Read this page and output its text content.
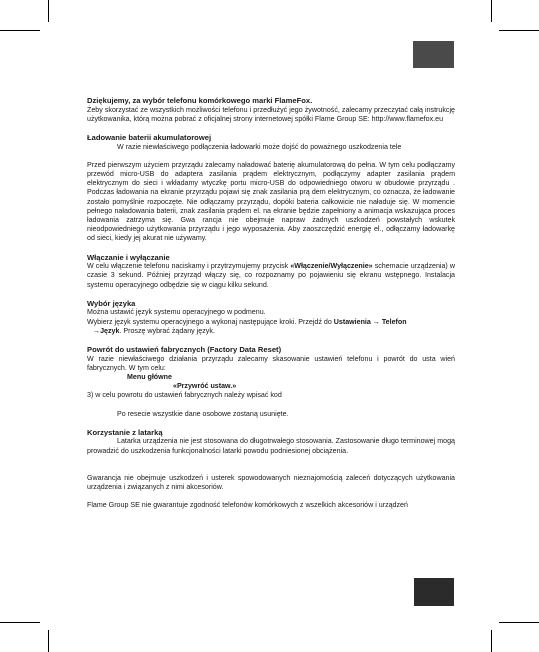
Dziękujemy, za wybór telefonu komórkowego marki FlameFox.

Żeby skorzystać ze wszystkich możliwości telefonu i przedłużyć jego żywotność, zalecamy przeczytać całą instrukcję użytkowanika, którą można pobrać z oficjalnej strony internetowej spółki Flame Group SE: http://www.flamefox.eu

Ładowanie baterii akumulatorowej

W razie niewłaściwego podłączenia ładowarki może dojść do poważnego uszkodzenia tele

Przed pierwszym użyciem przyrządu zalecamy naładować baterię akumulatorową do pełna. W tym celu podłączamy przewód micro-USB do adaptera zasilania prądem elektrycznym, podłączymy adapter zasilania prądem elektrycznym do sieci i wkładamy wtyczkę portu micro-USB do odpowiedniego otworu w obudowie przyrządu . Podczas ładowania na ekranie przyrządu pojawi się znak zasilania prą dem elektrycznym, co oznacza, że ładowanie zostało pomyślnie rozpoczęte. Nie odłączamy przyrządu, dopóki bateria całkowicie nie naładuje się. W momencie pełnego naładowania baterii, znak zasilania prądem el. na ekranie będzie zapełniony a animacja wskazująca proces ładowania zatrzyma się. Gwa rancja nie obejmuje napraw żadnych uszkodzeń powstałych wskutek nieodpowiedniego użytkowania przyrządu i jego wyposażenia. Aby zaoszczędzić energię el., odłączamy ładowarkę od sieci, kiedy jej akurat nie używamy.

Włączanie i wyłączanie

W celu włączenie telefonu naciskamy i przytrzymujemy przycisk «Włączenie/Wyłączenie» schemacie urządzenia) w czasie 3 sekund. Później przyrząd włączy się, co rozpoznamy po pojawieniu się ekranu wstępnego. Instalacja systemu operacyjnego odbędzie się w ciągu kilku sekund.

Wybór języka

Można ustawić język systemu operacyjnego w podmenu.

Wybierz język systemu operacyjnego a wykonaj następujące kroki. Przejdź do Ustawienia → Telefon

→Język. Proszę wybrać żądany język.

Powrót do ustawień fabrycznych (Factory Data Reset)

W razie niewłaściwego działania przyrządu zalecamy skasowanie ustawień telefonu i powrót do usta wień fabrycznych. W tym celu:

Menu główne

«Przywróć ustaw.»

3) w celu powrotu do ustawień fabrycznych należy wpisać kod

Po resecie wszystkie dane osobowe zostaną usunięte.

Korzystanie z latarką

Latarka urządzenia nie jest stosowana do długotrwałego stosowania. Zastosowanie długo terminowej mogą prowadzić do uszkodzenia funkcjonalności latarki powodu podniesionej obciążenia.

Gwarancja nie obejmuje uszkodzeń i usterek spowodowanych nieznajomością zaleceń dotyczących użytkowania urządzenia i związanych z nimi akcesoriów.

Flame Group SE nie gwarantuje zgodność telefonów komórkowych z wszelkich akcesoriów i urządzeń
